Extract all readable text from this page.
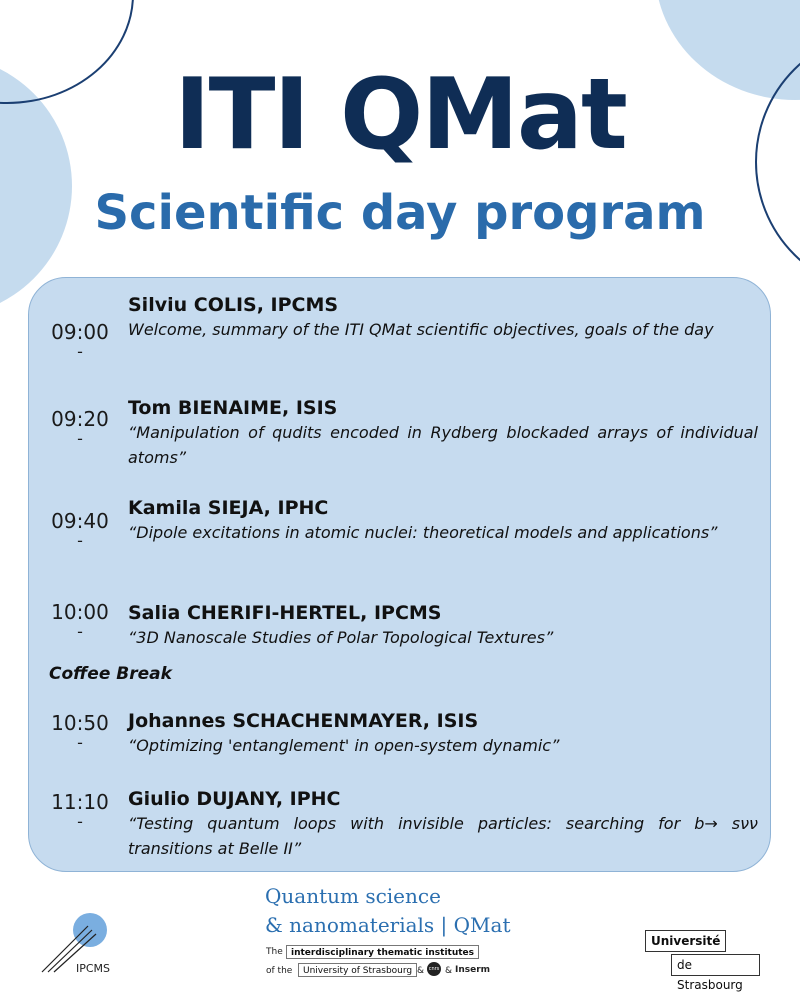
ITI QMat
Scientific day program
09:00
-
Silviu COLIS, IPCMS
Welcome, summary of the ITI QMat scientific objectives, goals of the day
09:20
-
Tom BIENAIME, ISIS
“Manipulation of qudits encoded in Rydberg blockaded arrays of individual atoms”
09:40
-
Kamila SIEJA, IPHC
“Dipole excitations in atomic nuclei: theoretical models and applications”
10:00
-
Salia CHERIFI-HERTEL, IPCMS
“3D Nanoscale Studies of Polar Topological Textures”
Coffee Break
10:50
-
Johannes SCHACHENMAYER, ISIS
“Optimizing 'entanglement' in open-system dynamic”
11:10
-
Giulio DUJANY, IPHC
“Testing quantum loops with invisible particles: searching for b→ sνν transitions at Belle II”
IPCMS
Quantum science
& nanomaterials | QMat
The interdisciplinary thematic institutes
of the	University of Strasbourg & cnrs & Inserm
Université
de Strasbourg
